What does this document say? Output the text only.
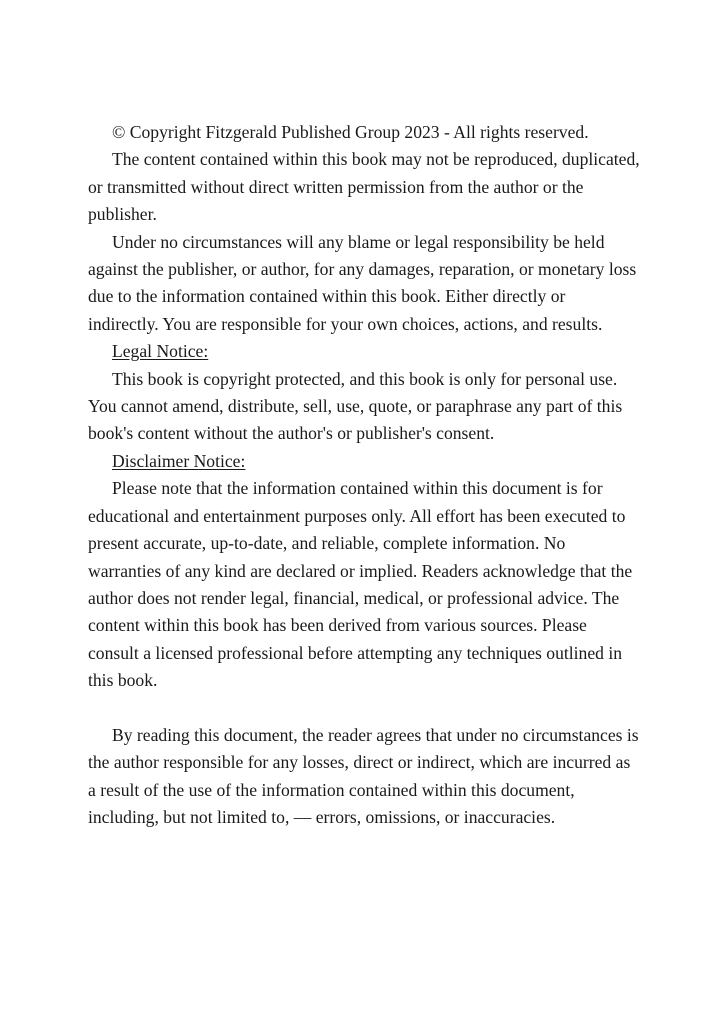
© Copyright Fitzgerald Published Group 2023 - All rights reserved.

The content contained within this book may not be reproduced, duplicated, or transmitted without direct written permission from the author or the publisher.

Under no circumstances will any blame or legal responsibility be held against the publisher, or author, for any damages, reparation, or monetary loss due to the information contained within this book. Either directly or indirectly. You are responsible for your own choices, actions, and results.

Legal Notice:

This book is copyright protected, and this book is only for personal use. You cannot amend, distribute, sell, use, quote, or paraphrase any part of this book's content without the author's or publisher's consent.

Disclaimer Notice:

Please note that the information contained within this document is for educational and entertainment purposes only. All effort has been executed to present accurate, up-to-date, and reliable, complete information. No warranties of any kind are declared or implied. Readers acknowledge that the author does not render legal, financial, medical, or professional advice. The content within this book has been derived from various sources. Please consult a licensed professional before attempting any techniques outlined in this book.

By reading this document, the reader agrees that under no circumstances is the author responsible for any losses, direct or indirect, which are incurred as a result of the use of the information contained within this document, including, but not limited to, — errors, omissions, or inaccuracies.
